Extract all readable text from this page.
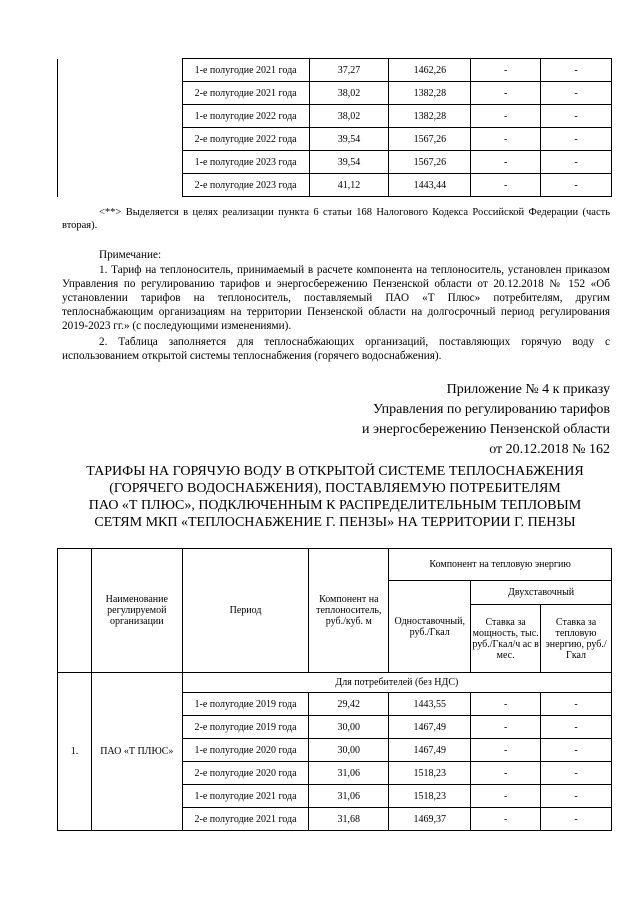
	1-е полугодие 2021 года	37,27	1462,26	-	-
	2-е полугодие 2021 года	38,02	1382,28	-	-
	1-е полугодие 2022 года	38,02	1382,28	-	-
	2-е полугодие 2022 года	39,54	1567,26	-	-
	1-е полугодие 2023 года	39,54	1567,26	-	-
	2-е полугодие 2023 года	41,12	1443,44	-	-
<**> Выделяется в целях реализации пункта 6 статьи 168 Налогового Кодекса Российской Федерации (часть вторая).
Примечание:
1. Тариф на теплоноситель, принимаемый в расчете компонента на теплоноситель, установлен приказом Управления по регулированию тарифов и энергосбережению Пензенской области от 20.12.2018 № 152 «Об установлении тарифов на теплоноситель, поставляемый ПАО «Т Плюс» потребителям, другим теплоснабжающим организациям на территории Пензенской области на долгосрочный период регулирования 2019-2023 гг.» (с последующими изменениями).
2. Таблица заполняется для теплоснабжающих организаций, поставляющих горячую воду с использованием открытой системы теплоснабжения (горячего водоснабжения).
Приложение № 4 к приказу
Управления по регулированию тарифов
и энергосбережению Пензенской области
от 20.12.2018 № 162
ТАРИФЫ НА ГОРЯЧУЮ ВОДУ В ОТКРЫТОЙ СИСТЕМЕ ТЕПЛОСНАБЖЕНИЯ
(ГОРЯЧЕГО ВОДОСНАБЖЕНИЯ), ПОСТАВЛЯЕМУЮ ПОТРЕБИТЕЛЯМ
ПАО «Т ПЛЮС», ПОДКЛЮЧЕННЫМ К РАСПРЕДЕЛИТЕЛЬНЫМ ТЕПЛОВЫМ
СЕТЯМ МКП «ТЕПЛОСНАБЖЕНИЕ Г. ПЕНЗЫ» НА ТЕРРИТОРИИ Г. ПЕНЗЫ
	Наименование регулируемой организации	Период	Компонент на теплоноситель, руб./куб. м	Компонент на тепловую энергию		
				Одноставочный, руб./Гкал	Двухставочный	
					Ставка за мощность, тыс. руб./Гкал/ч ас в мес.	Ставка за тепловую энергию, руб./Гкал
1.	ПАО «Т ПЛЮС»	Для потребителей (без НДС)				
		1-е полугодие 2019 года	29,42	1443,55	-	-
		2-е полугодие 2019 года	30,00	1467,49	-	-
		1-е полугодие 2020 года	30,00	1467,49	-	-
		2-е полугодие 2020 года	31,06	1518,23	-	-
		1-е полугодие 2021 года	31,06	1518,23	-	-
		2-е полугодие 2021 года	31,68	1469,37	-	-
